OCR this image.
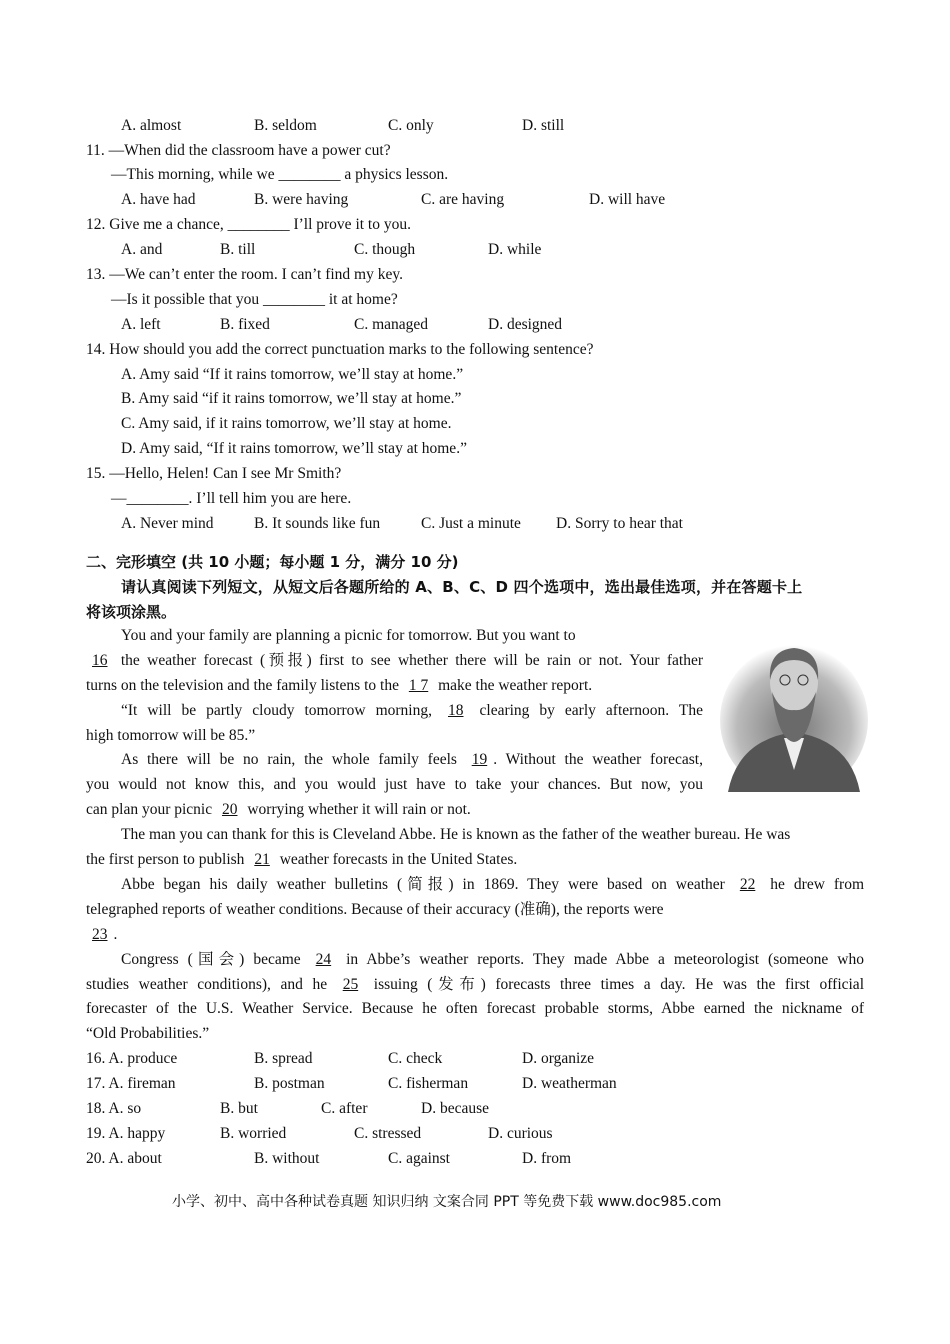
A. almost	B. seldom	C. only	D. still
11. —When did the classroom have a power cut?
—This morning, while we ________ a physics lesson.
A. have had	B. were having	C. are having	D. will have
12. Give me a chance, ________ I’ll prove it to you.
A. and	B. till	C. though	D. while
13. —We can’t enter the room. I can’t find my key.
—Is it possible that you ________ it at home?
A. left	B. fixed	C. managed	D. designed
14. How should you add the correct punctuation marks to the following sentence?
A. Amy said “If it rains tomorrow, we’ll stay at home.”
B. Amy said “if it rains tomorrow, we’ll stay at home.”
C. Amy said, if it rains tomorrow, we’ll stay at home.
D. Amy said, “If it rains tomorrow, we’ll stay at home.”
15. —Hello, Helen! Can I see Mr Smith?
—________. I’ll tell him you are here.
A. Never mind	B. It sounds like fun	C. Just a minute D. Sorry to hear that
二、完形填空 (共 10 小题；每小题 1 分，满分 10 分)
请认真阅读下列短文，从短文后各题所给的 A、B、C、D 四个选项中，选出最佳选项，并在答题卡上
将该项涂黑。
You and your family are planning a picnic for tomorrow. But you want to
16 the weather forecast (预报) first to see whether there will be rain or not. Your father
turns on the television and the family listens to the 1 7 make the weather report.
“It will be partly cloudy tomorrow morning, 18 clearing by early afternoon. The
high tomorrow will be 85.”
As there will be no rain, the whole family feels 19 . Without the weather forecast,
you would not know this, and you would just have to take your chances. But now, you
can plan your picnic 20 worrying whether it will rain or not.
The man you can thank for this is Cleveland Abbe. He is known as the father of the weather bureau. He was
the first person to publish 21 weather forecasts in the United States.
Abbe began his daily weather bulletins (简报) in 1869. They were based on weather 22 he drew from
telegraphed reports of weather conditions. Because of their accuracy (准确), the reports were
23 .
Congress (国会) became 24 in Abbe’s weather reports. They made Abbe a meteorologist (someone who
studies weather conditions), and he 25 issuing (发布) forecasts three times a day. He was the first official
forecaster of the U.S. Weather Service. Because he often forecast probable storms, Abbe earned the nickname of
“Old Probabilities.”
16. A. produce	B. spread	C. check	D. organize
17. A. fireman	B. postman	C. fisherman	D. weatherman
18. A. so	B. but	C. after	D. because
19. A. happy	B. worried	C. stressed	D. curious
20. A. about	B. without	C. against	D. from
小学、初中、高中各种试卷真题 知识归纳 文案合同 PPT 等免费下载 www.doc985.com
